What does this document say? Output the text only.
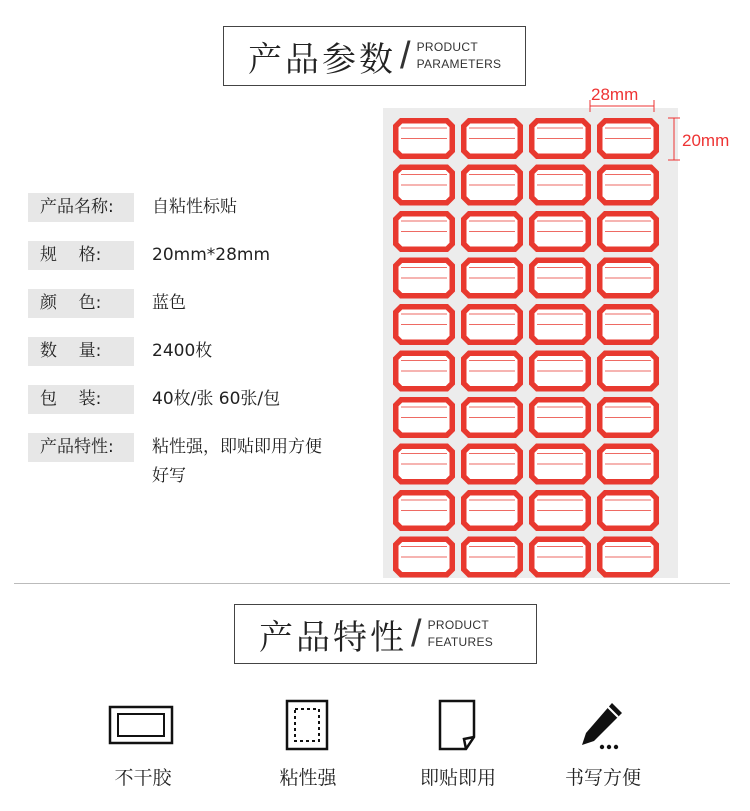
产品参数 / PRODUCT
PARAMETERS
产品名称:	自粘性标贴
规    格:	20mm*28mm
颜    色:	蓝色
数    量:	2400枚
包    装:	40枚/张 60张/包
产品特性:	粘性强，即贴即用方便好写
28mm
20mm
产品特性 / PRODUCT
FEATURES
不干胶	粘性强	即贴即用	书写方便
